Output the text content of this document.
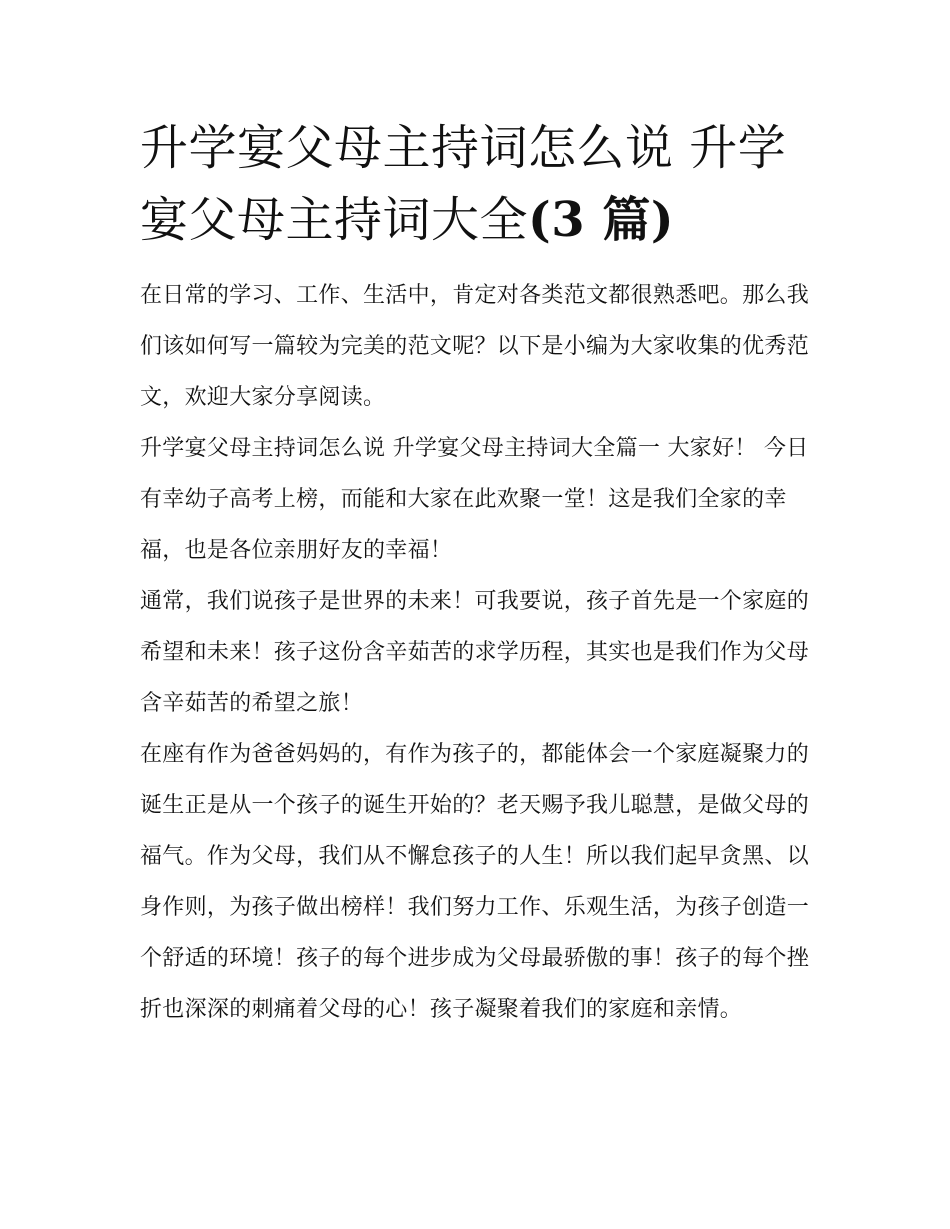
升学宴父母主持词怎么说 升学宴父母主持词大全(3 篇)

在日常的学习、工作、生活中，肯定对各类范文都很熟悉吧。那么我们该如何写一篇较为完美的范文呢？以下是小编为大家收集的优秀范文，欢迎大家分享阅读。

升学宴父母主持词怎么说 升学宴父母主持词大全篇一 大家好！ 今日有幸幼子高考上榜，而能和大家在此欢聚一堂！这是我们全家的幸福，也是各位亲朋好友的幸福！

通常，我们说孩子是世界的未来！可我要说，孩子首先是一个家庭的希望和未来！孩子这份含辛茹苦的求学历程，其实也是我们作为父母含辛茹苦的希望之旅！

在座有作为爸爸妈妈的，有作为孩子的，都能体会一个家庭凝聚力的诞生正是从一个孩子的诞生开始的？老天赐予我儿聪慧，是做父母的福气。作为父母，我们从不懈怠孩子的人生！所以我们起早贪黑、以身作则，为孩子做出榜样！我们努力工作、乐观生活，为孩子创造一个舒适的环境！孩子的每个进步成为父母最骄傲的事！孩子的每个挫折也深深的刺痛着父母的心！孩子凝聚着我们的家庭和亲情。
